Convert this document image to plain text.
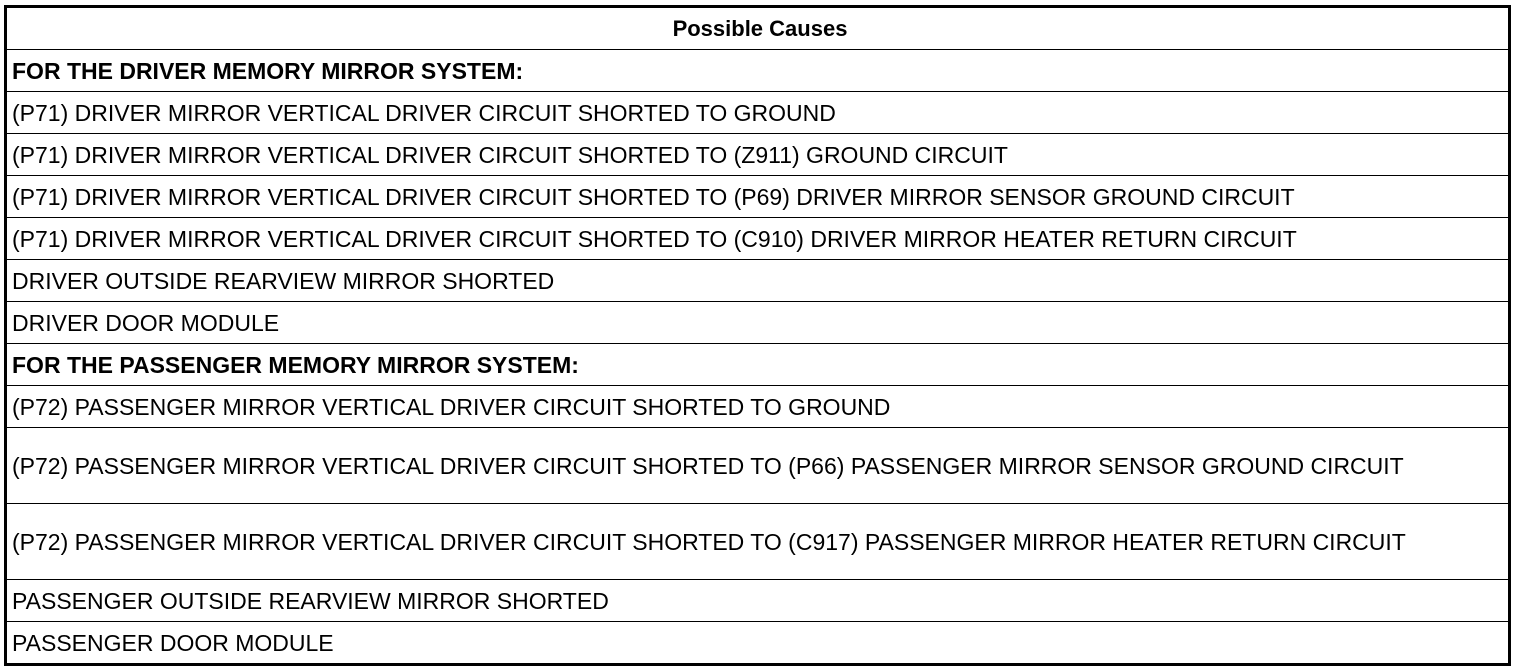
Possible Causes
FOR THE DRIVER MEMORY MIRROR SYSTEM:
(P71) DRIVER MIRROR VERTICAL DRIVER CIRCUIT SHORTED TO GROUND
(P71) DRIVER MIRROR VERTICAL DRIVER CIRCUIT SHORTED TO (Z911) GROUND CIRCUIT
(P71) DRIVER MIRROR VERTICAL DRIVER CIRCUIT SHORTED TO (P69) DRIVER MIRROR SENSOR GROUND CIRCUIT
(P71) DRIVER MIRROR VERTICAL DRIVER CIRCUIT SHORTED TO (C910) DRIVER MIRROR HEATER RETURN CIRCUIT
DRIVER OUTSIDE REARVIEW MIRROR SHORTED
DRIVER DOOR MODULE
FOR THE PASSENGER MEMORY MIRROR SYSTEM:
(P72) PASSENGER MIRROR VERTICAL DRIVER CIRCUIT SHORTED TO GROUND
(P72) PASSENGER MIRROR VERTICAL DRIVER CIRCUIT SHORTED TO (P66) PASSENGER MIRROR SENSOR GROUND CIRCUIT
(P72) PASSENGER MIRROR VERTICAL DRIVER CIRCUIT SHORTED TO (C917) PASSENGER MIRROR HEATER RETURN CIRCUIT
PASSENGER OUTSIDE REARVIEW MIRROR SHORTED
PASSENGER DOOR MODULE
